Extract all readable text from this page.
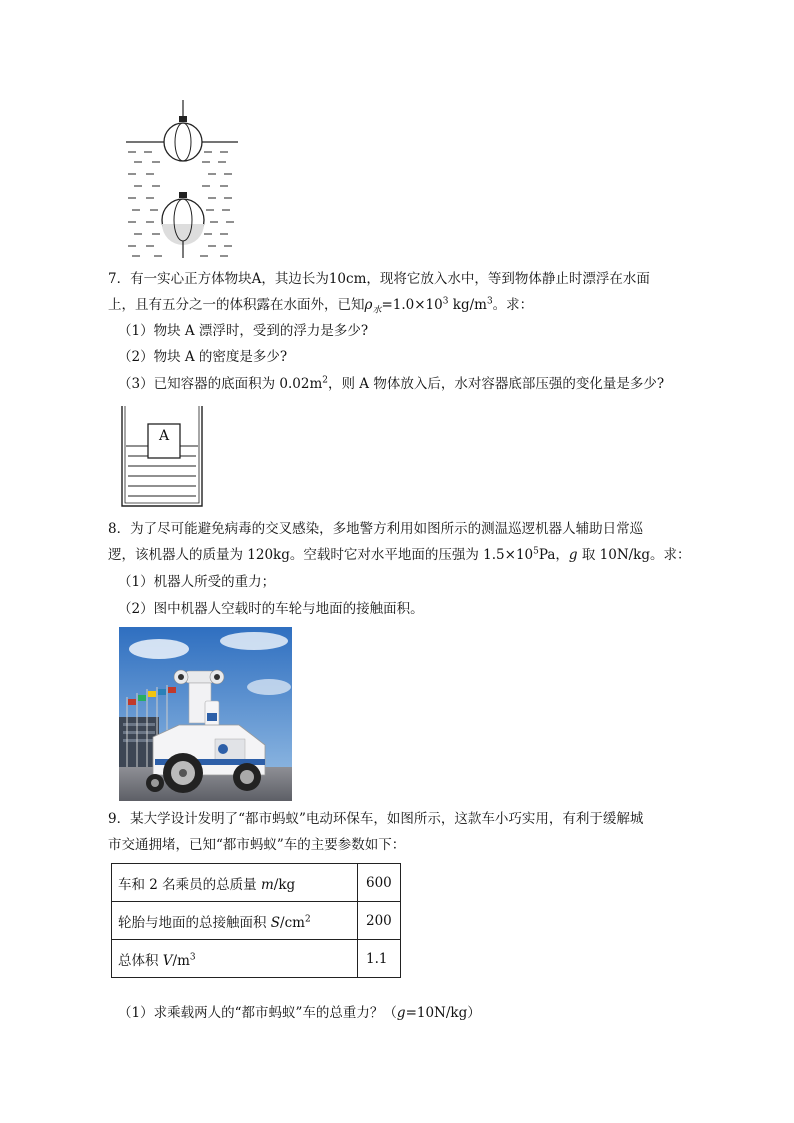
7．有一实心正方体物块A，其边长为10cm，现将它放入水中，等到物体静止时漂浮在水面
上，且有五分之一的体积露在水面外，已知$\rho_水=1.0\times 10^3$ $kg/m^3$。求：
（1）物块 A 漂浮时，受到的浮力是多少?
（2）物块 A 的密度是多少?
（3）已知容器的底面积为 $0.02m^2$，则 A 物体放入后，水对容器底部压强的变化量是多少?
A
8．为了尽可能避免病毒的交叉感染，多地警方利用如图所示的测温巡逻机器人辅助日常巡
逻，该机器人的质量为 120kg。空载时它对水平地面的压强为 $1.5\times 10^5Pa$，g 取 10N/kg。求：
（1）机器人所受的重力；
（2）图中机器人空载时的车轮与地面的接触面积。
9．某大学设计发明了“都市蚂蚁”电动环保车，如图所示，这款车小巧实用，有利于缓解城
市交通拥堵，已知“都市蚂蚁”车的主要参数如下：
车和 2 名乘员的总质量 m/kg	600
轮胎与地面的总接触面积 $S/cm^2$	200
总体积 $V/m^3$	1.1
（1）求乘载两人的“都市蚂蚁”车的总重力？（g=10N/kg）
